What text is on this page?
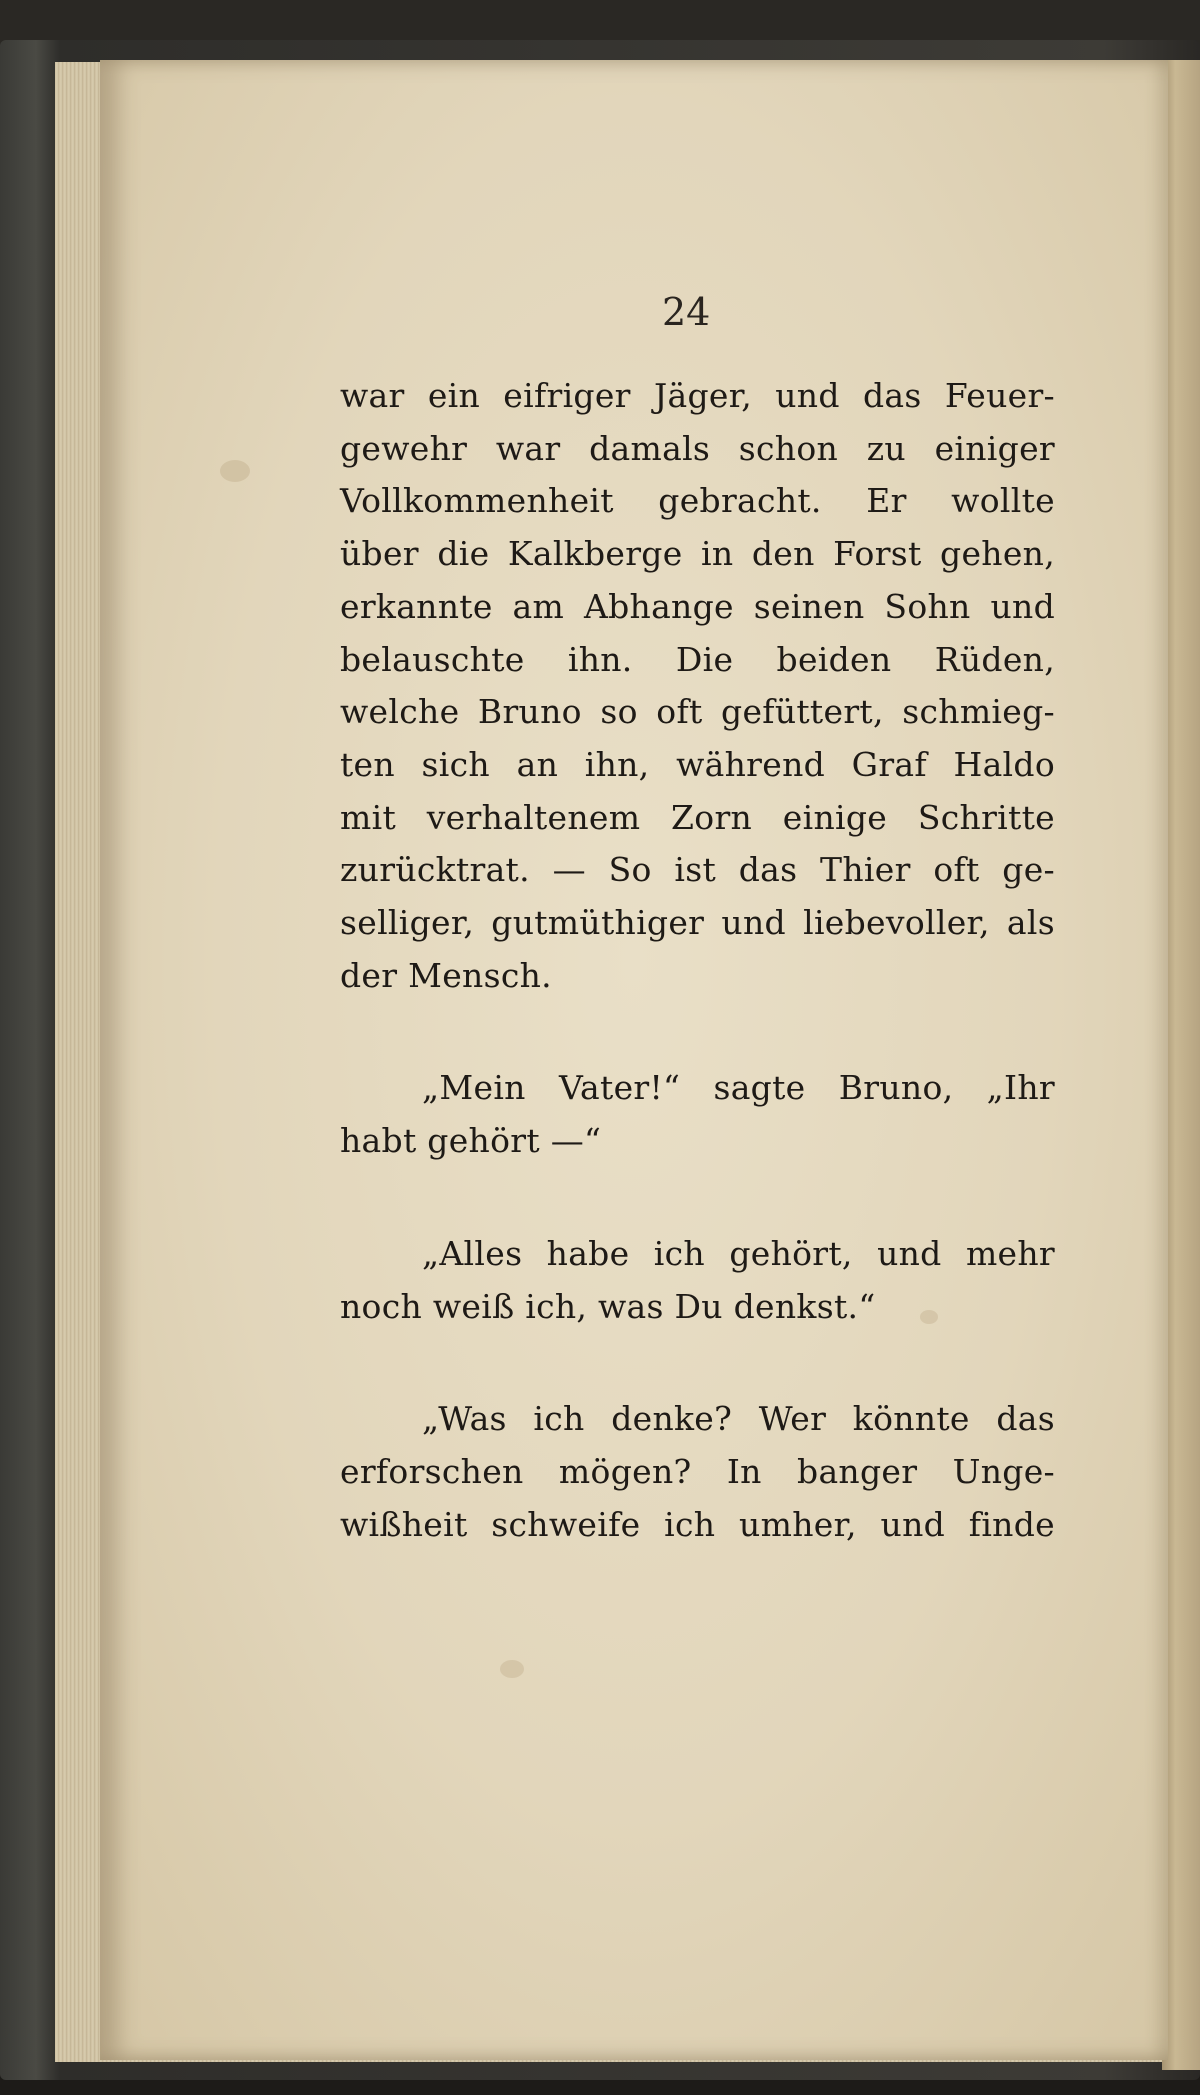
24

war ein eifriger Jäger, und das Feuer-
gewehr war damals schon zu einiger
Vollkommenheit gebracht. Er wollte
über die Kalkberge in den Forst gehen,
erkannte am Abhange seinen Sohn und
belauschte ihn. Die beiden Rüden,
welche Bruno so oft gefüttert, schmieg-
ten sich an ihn, während Graf Haldo
mit verhaltenem Zorn einige Schritte
zurücktrat. — So ist das Thier oft ge-
selliger, gutmüthiger und liebevoller, als
der Mensch.

„Mein Vater!“ sagte Bruno, „Ihr
habt gehört —“

„Alles habe ich gehört, und mehr
noch weiß ich, was Du denkst.“

„Was ich denke? Wer könnte das
erforschen mögen? In banger Unge-
wißheit schweife ich umher, und finde
